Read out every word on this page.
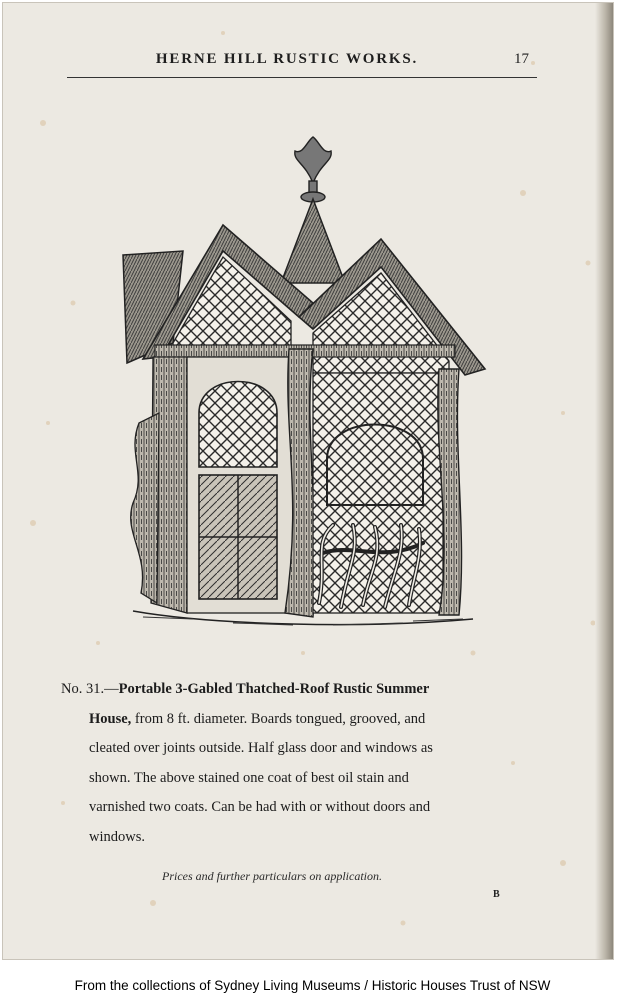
HERNE HILL RUSTIC WORKS.	17

No. 31.—Portable 3-Gabled Thatched-Roof Rustic Summer

House, from 8 ft. diameter. Boards tongued, grooved, and

cleated over joints outside. Half glass door and windows as

shown. The above stained one coat of best oil stain and

varnished two coats. Can be had with or without doors and

windows.

Prices and further particulars on application.
B
From the collections of Sydney Living Museums / Historic Houses Trust of NSW
